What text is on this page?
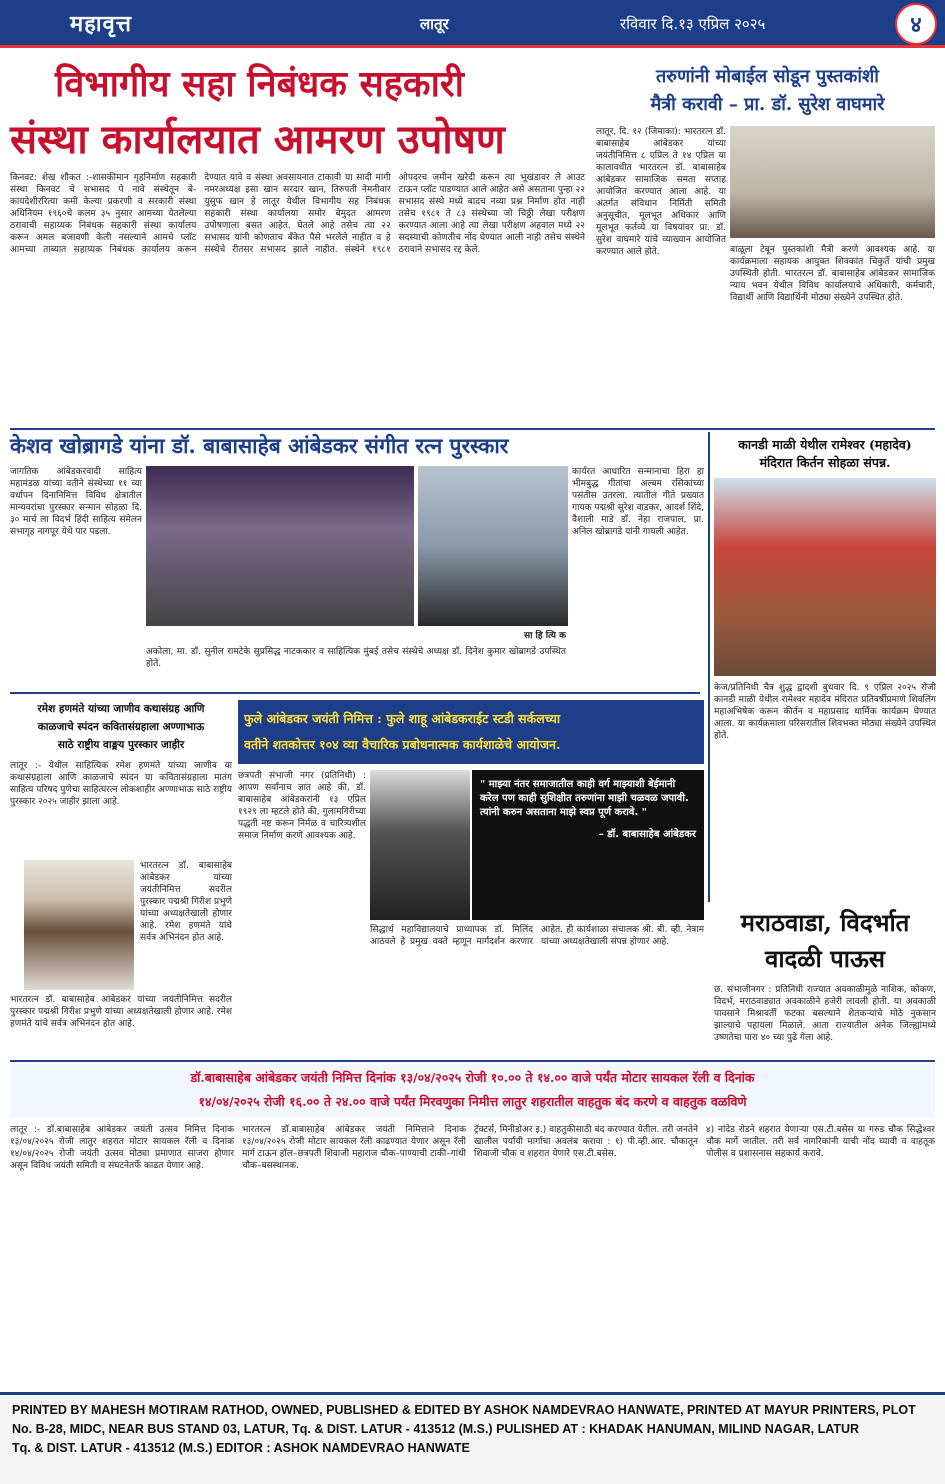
महावृत्त	लातूर	रविवार दि.१३ एप्रिल २०२५	४
विभागीय सहा निबंधक सहकारी
संस्था कार्यालयात आमरण उपोषण
किनवट: शेख शौकत :-शासकीमान गृहनिर्माण सहकारी संस्था किनवट चे सभासद पे नावे संस्थेतून बे-कायदेशीररित्या कमी केल्या प्रकरणी व सरकारी संस्था अधिनियम १९६०चे कलम ३५ नुसार आमच्या येतलेल्या ठरावाची सहाय्यक निबंधक सहकारी संस्था कार्यालय करून अमल बजावणी केली नसल्याने आमचे प्लॉट आमच्या ताब्यात सहाय्यक निबंधक कार्यालय करून देण्यात यावे व संस्था अवसायनात टाकावी या सादी मागी नमरअध्यक्ष इसा खान सरदार खान, तिरुपती नेमनीवार युसुफ खान हे लातूर येथील विभागीय सह निबंधक सहकारी संस्था कार्यालया समोर बेमुदत आमरण उपोषणाला बसत आहेत. घेतले आहे तसेच त्या २२ सभासद यांनी कोणताच बँकेत पैसे भरलेले नाहीत व हे संस्थेचे रीतसर सभासद झाले नाहीत. संस्थेने १९८१ ओपदरच जमीन खरेदी करून त्या भूखंडावर ले आउट टाऊन प्लॉट पाडण्यात आले आहेत असे असताना पुन्हा २२ सभासद संस्थे मध्ये बादच नव्या प्रश्न निर्माण होत नाही तसेच १९८१ ते ८३ संस्थेच्या जो चिठ्ठी लेखा परीक्षण करण्यात आला आहे त्या लेखा परीक्षण अहवाल मध्ये २२ सदस्याची कोणतीच नोंद घेण्यात आली नाही तसेच संस्थेने ठरावाने सभासद रद्द केले.
तरुणांनी मोबाईल सोडून पुस्तकांशी
मैत्री करावी – प्रा. डॉ. सुरेश वाघमारे
लातूर, दि. १२ (जिमाका): भारतरत्न डॉ. बाबासाहेब आंबेडकर यांच्या जयंतीनिमित्त ८ एप्रिल ते १४ एप्रिल या कालावधीत भारतरत्न डॉ. बाबासाहेब आंबेडकर सामाजिक समता सप्ताह आयोजित करण्यात आला आहे. या अंतर्गत संविधान निर्मिती समिती अनुसूचीत, मूलभूत अधिकार आणि मूलभूत कर्तव्ये या विषयांवर प्रा. डॉ. सुरेश वाघमारे यांचे व्याख्यान आयोजित करण्यात आले होते.	बाळूला टेबून पुस्तकांशी मैत्री करणे आवश्यक आहे. या कार्यक्रमाला सहायक आयुक्त शिवकांत चिकुर्ते यांची प्रमुख उपस्थिती होती. भारतरत्न डॉ. बाबासाहेब आंबेडकर सामाजिक न्याय भवन येथील विविध कार्यालयाचे अधिकारी, कर्मचारी, विद्यार्थी आणि विद्यार्थिनी मोठ्या संख्येने उपस्थित होते.
केशव खोब्रागडे यांना डॉ. बाबासाहेब आंबेडकर संगीत रत्न पुरस्कार
जागतिक आंबेडकरवादी साहित्य महामंडळ यांच्या वतीने संस्थेच्या ११ व्या वर्धापन दिनानिमित्त विविध क्षेत्रातील मान्यवरांचा पुरस्कार सन्मान सोहळा दि. ३० मार्च ला विदर्भ हिंदी साहित्य संमेलन सभागृह नागपूर येथे पार पडला.
सा हि त्यि क
कार्यरत आधारित सन्मानाचा हिरा हा भीमबुद्ध गीतांचा अल्बम रसिकांच्या पसंतीस उतरला. त्यातील गीते प्रख्यात गायक पद्मश्री सुरेश वाडकर, आदर्श शिंदे, वैशाली माडे डॉ. नेहा राजपाल, प्रा. अनिल खोब्रागडे यांनी गायली आहेत.
अकोला, मा. डॉ. सुनील रामटेके सुप्रसिद्ध नाटककार व साहित्यिक मुंबई तसेच संस्थेचे अध्यक्ष डॉ. दिनेश कुमार खोब्रागडे उपस्थित होते.
कानडी माळी येथील रामेश्वर (महादेव)
मंदिरात किर्तन सोहळा संपन्न.
केज/प्रतिनिधी चैत्र शुद्ध द्वादशी बुधवार दि. ९ एप्रिल २०२५ रोजी कानडी माळी येथील रामेश्वर महादेव मंदिरात प्रतिवर्षीप्रमाणे शिवलिंग महाअभिषेक करून कीर्तन व महाप्रसाद धार्मिक कार्यक्रम घेण्यात आला. या कार्यक्रमाला परिसरातील शिवभक्त मोठ्या संख्येने उपस्थित होते.
रमेश हणमंते यांच्या जाणीव कथासंग्रह आणि
काळजाचे स्पंदन कवितासंग्रहाला अण्णाभाऊ
साठे राष्ट्रीय वाङ्मय पुरस्कार जाहीर
लातूर :- येथील साहित्यिक रमेश हणमंते यांच्या जाणीव या कथासंग्रहाला आणि काळजाचे स्पंदन या कवितासंग्रहाला मातंग साहित्य परिषद पुणेचा साहित्यरत्न लोकशाहीर अण्णाभाऊ साठे राष्ट्रीय पुरस्कार २०२५ जाहीर झाला आहे.
भारतरत्न डॉ. बाबासाहेब आंबेडकर यांच्या जयंतीनिमित्त सदरील पुरस्कार पद्मश्री गिरीश प्रभुणे यांच्या अध्यक्षतेखाली होणार आहे. रमेश हणमंते यांचे सर्वत्र अभिनंदन होत आहे.
भारतरत्न डॉ. बाबासाहेब आंबेडकर यांच्या जयंतीनिमित्त सदरील पुरस्कार पद्मश्री गिरीश प्रभुणे यांच्या अध्यक्षतेखाली होणार आहे. रमेश हणमंते यांचे सर्वत्र अभिनंदन होत आहे.
फुले आंबेडकर जयंती निमित्त : फुले शाहू आंबेडकराईट स्टडी सर्कलच्या
वतीने शतकोत्तर १०४ व्या वैचारिक प्रबोधनात्मक कार्यशाळेचे आयोजन.
छत्रपती संभाजी नगर (प्रतिनिधी) : आपण सर्वांनाच ज्ञात आहे की, डॉ. बाबासाहेब आंबेडकरांनी १३ एप्रिल १९२९ ला म्हटले होते की, गुलामगिरीच्या पद्धती नष्ट करून निर्मळ व चारित्र्यशील समाज निर्माण करणे आवश्यक आहे.
" माझ्या नंतर समाजातील काही वर्ग माझ्याशी बेईमानी करेल पण काही सुशिक्षीत तरुणांना माझी चळवळ जपावी. त्यांनी करुन असताना माझे स्वप्न पूर्ण करावे. "
– डॉ. बाबासाहेब आंबेडकर
सिद्धार्थ महाविद्यालयाचे प्राध्यापक डॉ. मिलिंद आठवले हे प्रमुख वक्ते म्हणून मार्गदर्शन करणार आहेत. ही कार्यशाळा संचालक श्री. बी. व्ही. नेत्राम यांच्या अध्यक्षतेखाली संपन्न होणार आहे.
मराठवाडा, विदर्भात
वादळी पाऊस
छ. संभाजीनगर : प्रतिनिधी राज्यात अवकाळीमुळे नाशिक, कोकण, विदर्भ, मराठवाड्यात अवकाळीने हजेरी लावली होती. या अवकाळी पावसाने मिश्रावर्ती फटका बसल्याने शेतकऱ्यांचे मोठे नुकसान झाल्याचे पहायला मिळाले. आता राज्यातील अनेक जिल्ह्यांमध्ये उष्णतेचा पारा ४० च्या पुढे गेला आहे.
डॉ.बाबासाहेब आंबेडकर जयंती निमित्त दिनांक १३/०४/२०२५ रोजी १०.०० ते १४.०० वाजे पर्यंत मोटार सायकल रॅली व दिनांक
१४/०४/२०२५ रोजी १६.०० ते २४.०० वाजे पर्यंत मिरवणुका निमीत्त लातुर शहरातील वाहतुक बंद करणे व वाहतुक वळविणे
लातूर :- डॉ.बाबासाहेब आंबेडकर जयंती उत्सव निमित्त दिनांक १३/०४/२०२५ रोजी लातुर शहरात मोटार सायकल रॅली व दिनांक १४/०४/२०२५ रोजी जयंती उत्सव मोठ्या प्रमाणात साजरा होणार असून विविध जयंती समिती व संघटनेतर्फे काढत येणार आहे.
भारतरत्न डॉ.बाबासाहेब आंबेडकर जयंती निमित्ताने दिनांक १३/०४/२०२५ रोजी मोटार सायकल रॅली काढण्यात येणार असून रॅली मार्ग टाऊन हॉल–छत्रपती शिवाजी महाराज चौक–पाण्याची टाकी–गांधी चौक–बसस्थानक.
ट्रॅक्टर्स, मिनीडोअर इ.) वाहतुकीसाठी बंद करण्यात येतील. तरी जनतेने खालील पर्यायी मार्गाचा अवलंब करावा : १) पी.व्ही.आर. चौकातून शिवाजी चौक व शहरात येणारे एस.टी.बसेस.
४) नांदेड रोडने शहरात येणाऱ्या एस.टी.बसेस या गरुड चौक सिद्धेश्वर चौक मार्गे जातील. तरी सर्व नागरिकांनी याची नोंद घ्यावी व वाहतूक पोलीस व प्रशासनास सहकार्य करावे.

PRINTED BY MAHESH MOTIRAM RATHOD, OWNED, PUBLISHED & EDITED BY ASHOK NAMDEVRAO HANWATE, PRINTED AT MAYUR PRINTERS, PLOT
No. B-28, MIDC, NEAR BUS STAND 03, LATUR, Tq. & DIST. LATUR - 413512 (M.S.) PULISHED AT : KHADAK HANUMAN, MILIND NAGAR, LATUR
Tq. & DIST. LATUR - 413512 (M.S.) EDITOR : ASHOK NAMDEVRAO HANWATE
